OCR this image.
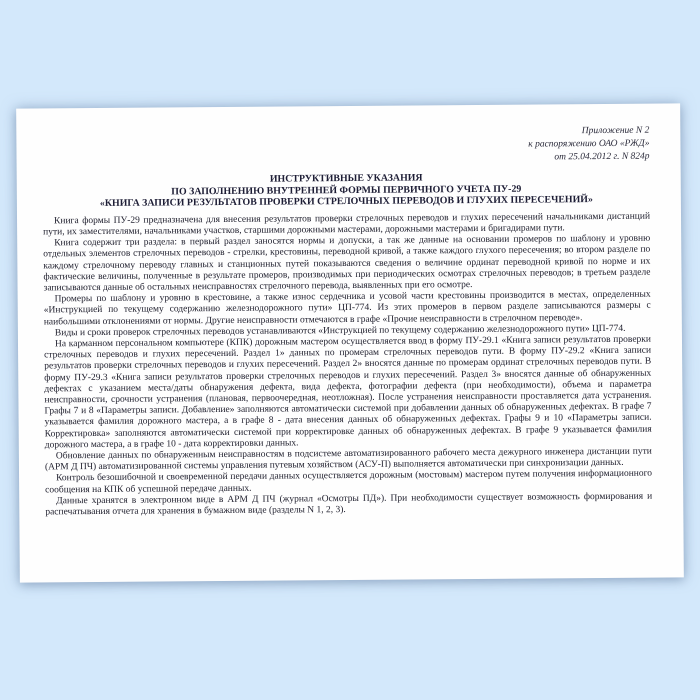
Приложение N 2
к распоряжению ОАО «РЖД»
от 25.04.2012 г. N 824р
ИНСТРУКТИВНЫЕ УКАЗАНИЯ
ПО ЗАПОЛНЕНИЮ ВНУТРЕННЕЙ ФОРМЫ ПЕРВИЧНОГО УЧЕТА ПУ-29
«КНИГА ЗАПИСИ РЕЗУЛЬТАТОВ ПРОВЕРКИ СТРЕЛОЧНЫХ ПЕРЕВОДОВ И ГЛУХИХ ПЕРЕСЕЧЕНИЙ»

Книга формы ПУ-29 предназначена для внесения результатов проверки стрелочных переводов и глухих пересечений начальниками дистанций пути, их заместителями, начальниками участков, старшими дорожными мастерами, дорожными мастерами и бригадирами пути.

Книга содержит три раздела: в первый раздел заносятся нормы и допуски, а так же данные на основании промеров по шаблону и уровню отдельных элементов стрелочных переводов - стрелки, крестовины, переводной кривой, а также каждого глухого пересечения; во втором разделе по каждому стрелочному переводу главных и станционных путей показываются сведения о величине ординат переводной кривой по норме и их фактические величины, полученные в результате промеров, производимых при периодических осмотрах стрелочных переводов; в третьем разделе записываются данные об остальных неисправностях стрелочного перевода, выявленных при его осмотре.

Промеры по шаблону и уровню в крестовине, а также износ сердечника и усовой части крестовины производится в местах, определенных «Инструкцией по текущему содержанию железнодорожного пути» ЦП-774. Из этих промеров в первом разделе записываются размеры с наибольшими отклонениями от нормы. Другие неисправности отмечаются в графе «Прочие неисправности в стрелочном переводе».

Виды и сроки проверок стрелочных переводов устанавливаются «Инструкцией по текущему содержанию железнодорожного пути» ЦП-774.

На карманном персональном компьютере (КПК) дорожным мастером осуществляется ввод в форму ПУ-29.1 «Книга записи результатов проверки стрелочных переводов и глухих пересечений. Раздел 1» данных по промерам стрелочных переводов пути. В форму ПУ-29.2 «Книга записи результатов проверки стрелочных переводов и глухих пересечений. Раздел 2» вносятся данные по промерам ординат стрелочных переводов пути. В форму ПУ-29.3 «Книга записи результатов проверки стрелочных переводов и глухих пересечений. Раздел 3» вносятся данные об обнаруженных дефектах с указанием места/даты обнаружения дефекта, вида дефекта, фотографии дефекта (при необходимости), объема и параметра неисправности, срочности устранения (плановая, первоочередная, неотложная). После устранения неисправности проставляется дата устранения. Графы 7 и 8 «Параметры записи. Добавление» заполняются автоматически системой при добавлении данных об обнаруженных дефектах. В графе 7 указывается фамилия дорожного мастера, а в графе 8 - дата внесения данных об обнаруженных дефектах. Графы 9 и 10 «Параметры записи. Корректировка» заполняются автоматически системой при корректировке данных об обнаруженных дефектах. В графе 9 указывается фамилия дорожного мастера, а в графе 10 - дата корректировки данных.

Обновление данных по обнаруженным неисправностям в подсистеме автоматизированного рабочего места дежурного инженера дистанции пути (АРМ Д ПЧ) автоматизированной системы управления путевым хозяйством (АСУ-П) выполняется автоматически при синхронизации данных.

Контроль безошибочной и своевременной передачи данных осуществляется дорожным (мостовым) мастером путем получения информационного сообщения на КПК об успешной передаче данных.

Данные хранятся в электронном виде в АРМ Д ПЧ (журнал «Осмотры ПД»). При необходимости существует возможность формирования и распечатывания отчета для хранения в бумажном виде (разделы N 1, 2, 3).
